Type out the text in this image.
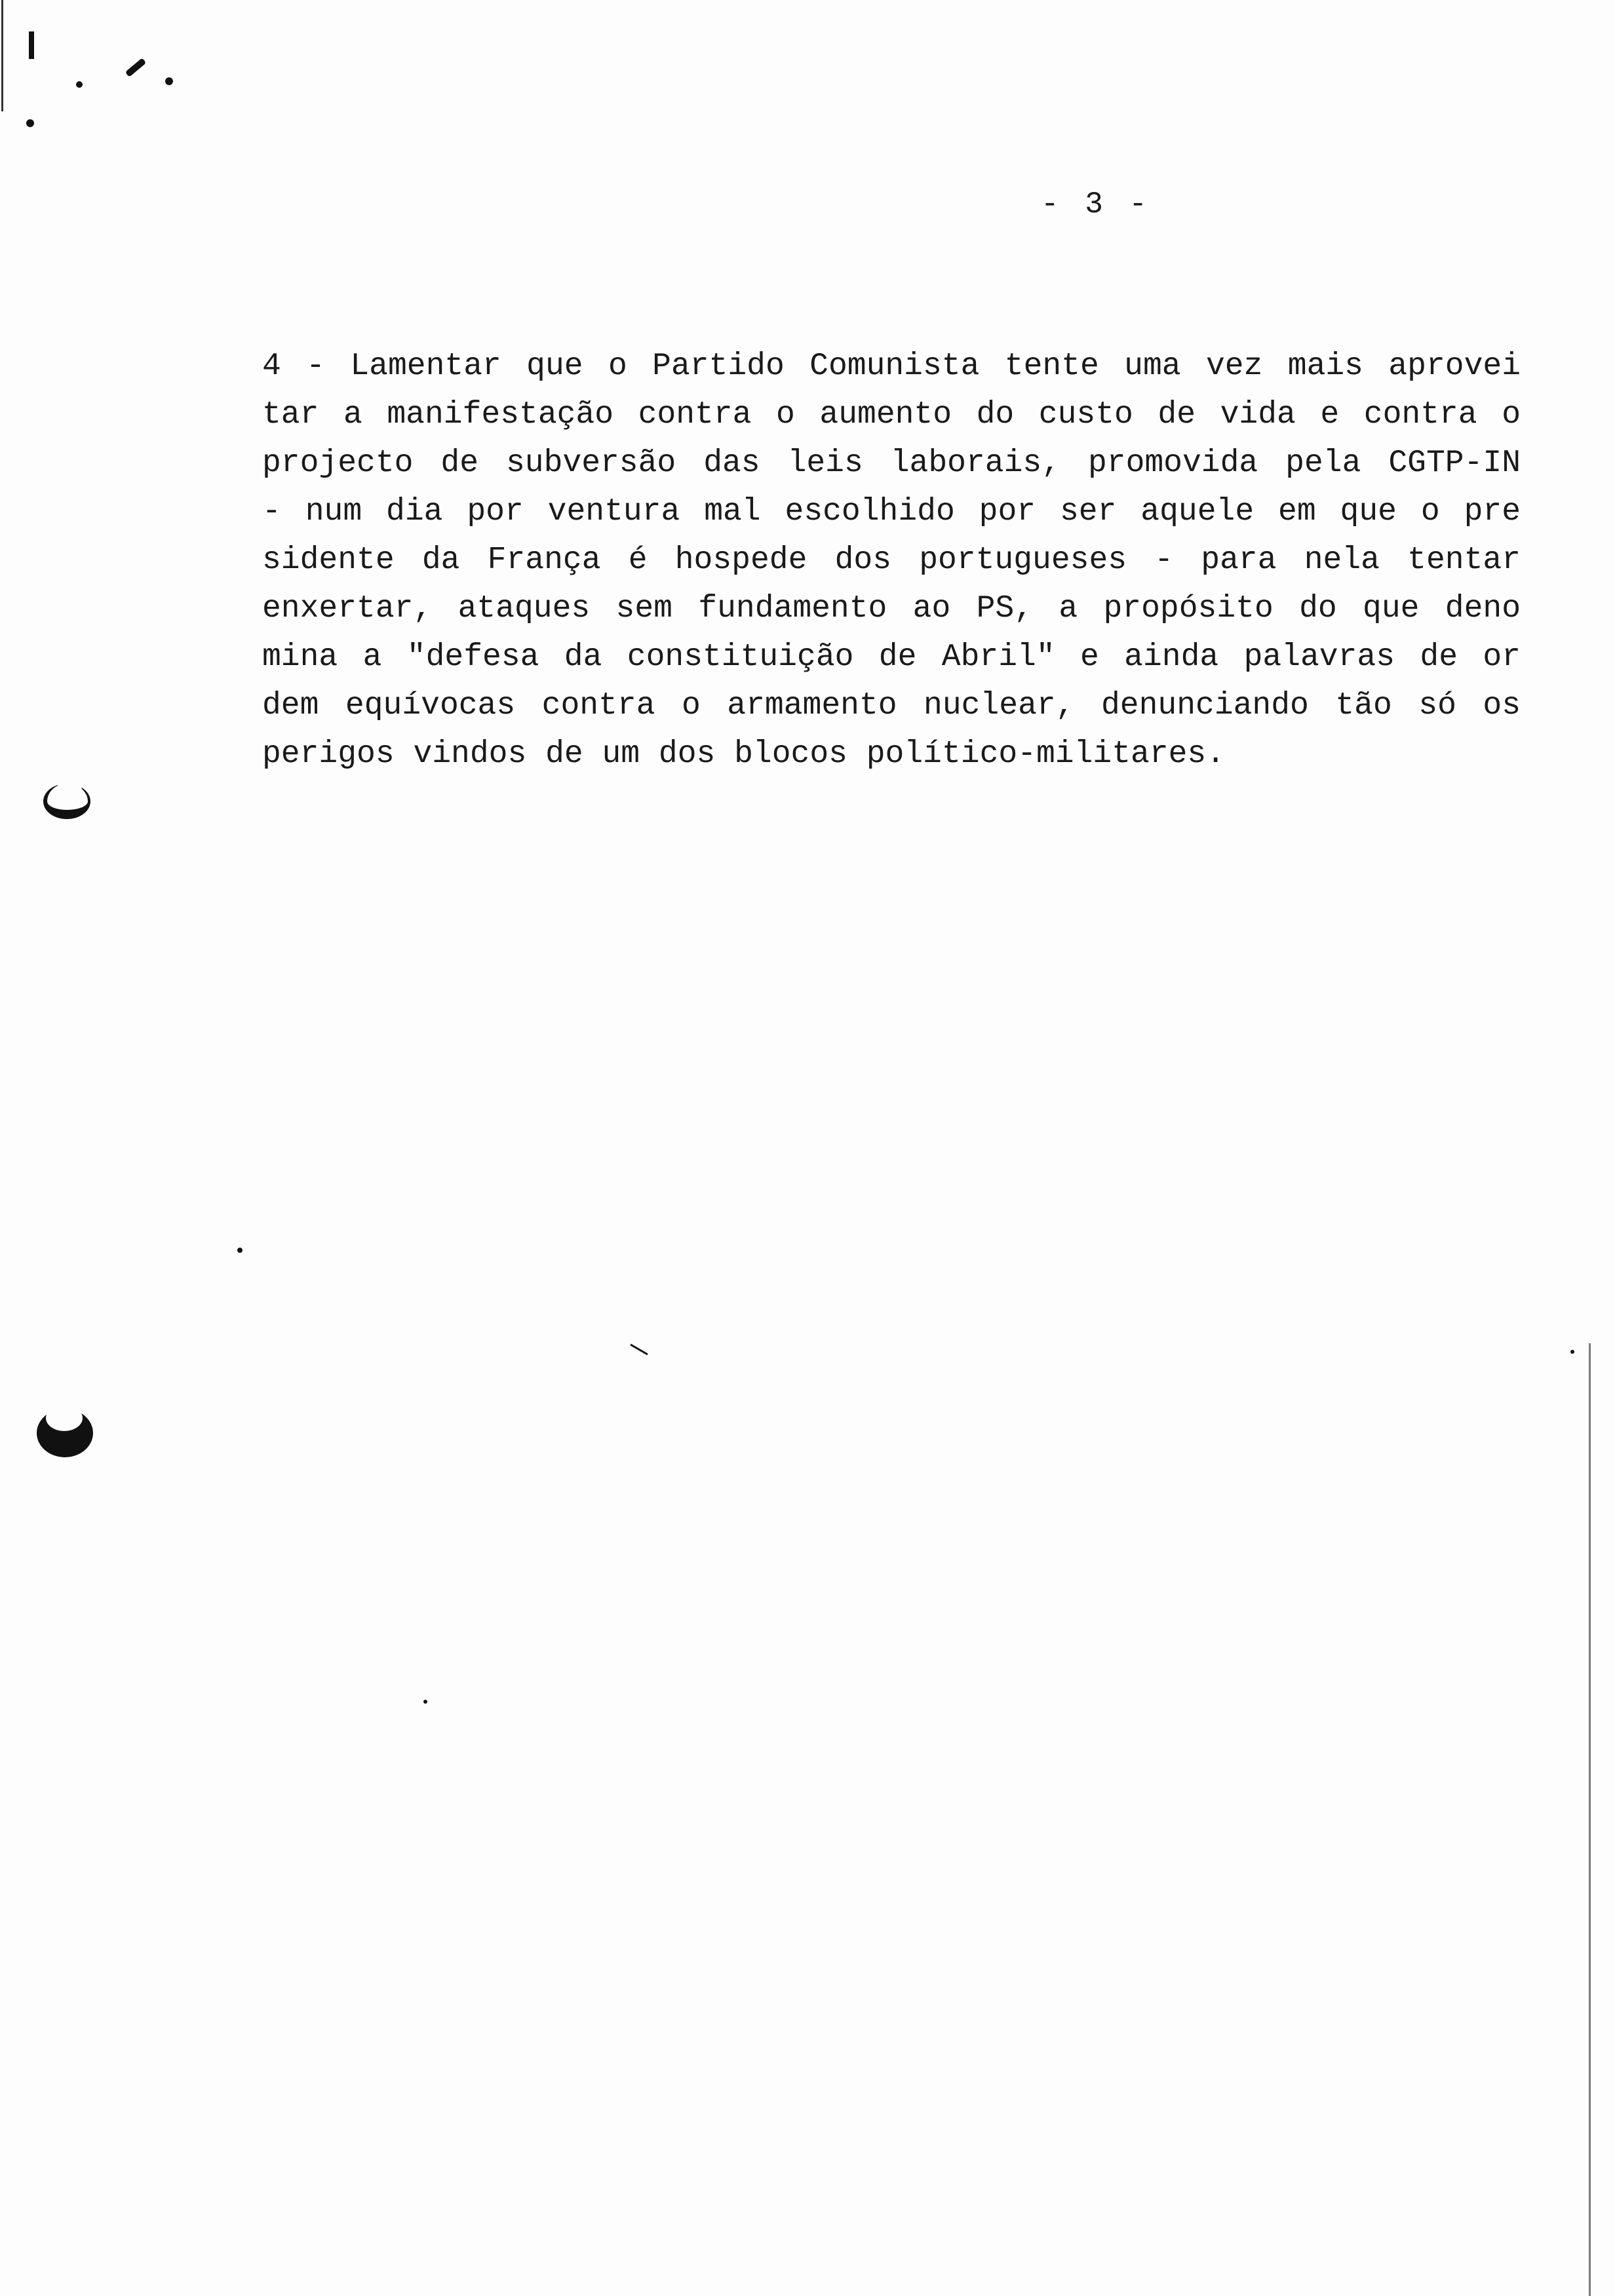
- 3 -
4 - Lamentar que o Partido Comunista tente uma vez mais aprovei
tar a manifestação contra o aumento do custo de vida e contra o
projecto de subversão das leis laborais, promovida pela CGTP-IN
- num dia por ventura mal escolhido por ser aquele em que o pre
sidente da França é hospede dos portugueses - para nela tentar
enxertar, ataques sem fundamento ao PS, a propósito do que deno
mina a "defesa da constituição de Abril" e ainda palavras de or
dem equívocas contra o armamento nuclear, denunciando tão só os
perigos vindos de um dos blocos político-militares.
